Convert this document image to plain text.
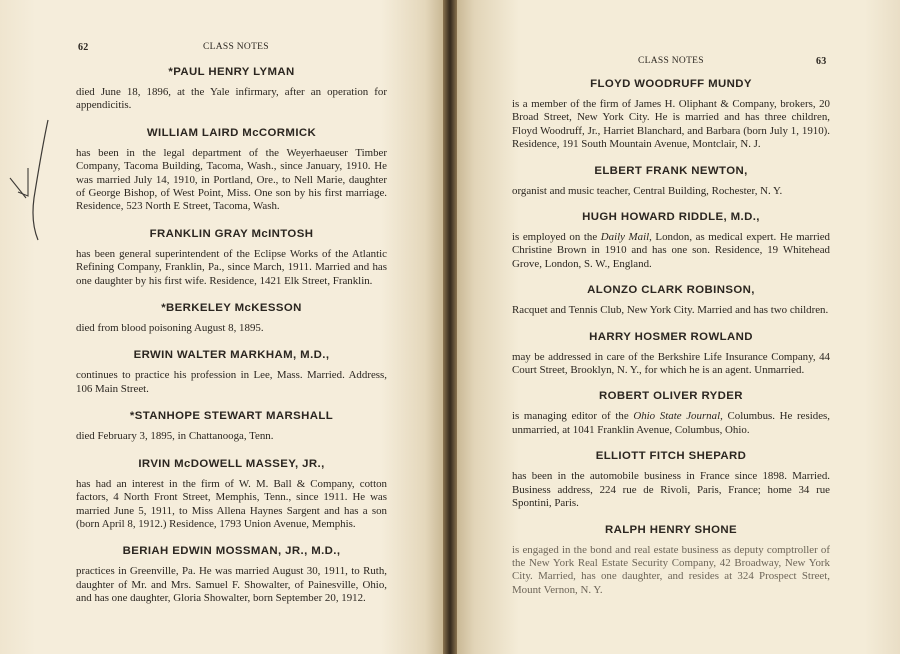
62	CLASS NOTES

*PAUL HENRY LYMAN

died June 18, 1896, at the Yale infirmary, after an operation for appendicitis.

WILLIAM LAIRD McCORMICK

has been in the legal department of the Weyerhaeuser Timber Company, Tacoma Building, Tacoma, Wash., since January, 1910. He was married July 14, 1910, in Portland, Ore., to Nell Marie, daughter of George Bishop, of West Point, Miss. One son by his first marriage. Residence, 523 North E Street, Tacoma, Wash.

FRANKLIN GRAY McINTOSH

has been general superintendent of the Eclipse Works of the Atlantic Refining Company, Franklin, Pa., since March, 1911. Married and has one daughter by his first wife. Residence, 1421 Elk Street, Franklin.

*BERKELEY McKESSON

died from blood poisoning August 8, 1895.

ERWIN WALTER MARKHAM, M.D.,

continues to practice his profession in Lee, Mass. Married. Address, 106 Main Street.

*STANHOPE STEWART MARSHALL

died February 3, 1895, in Chattanooga, Tenn.

IRVIN McDOWELL MASSEY, JR.,

has had an interest in the firm of W. M. Ball & Company, cotton factors, 4 North Front Street, Memphis, Tenn., since 1911. He was married June 5, 1911, to Miss Allena Haynes Sargent and has a son (born April 8, 1912.) Residence, 1793 Union Avenue, Memphis.

BERIAH EDWIN MOSSMAN, JR., M.D.,

practices in Greenville, Pa. He was married August 30, 1911, to Ruth, daughter of Mr. and Mrs. Samuel F. Showalter, of Painesville, Ohio, and has one daughter, Gloria Showalter, born September 20, 1912.

CLASS NOTES	63

FLOYD WOODRUFF MUNDY

is a member of the firm of James H. Oliphant & Company, brokers, 20 Broad Street, New York City. He is married and has three children, Floyd Woodruff, Jr., Harriet Blanchard, and Barbara (born July 1, 1910). Residence, 191 South Mountain Avenue, Montclair, N. J.

ELBERT FRANK NEWTON,

organist and music teacher, Central Building, Rochester, N. Y.

HUGH HOWARD RIDDLE, M.D.,

is employed on the Daily Mail, London, as medical expert. He married Christine Brown in 1910 and has one son. Residence, 19 Whitehead Grove, London, S. W., England.

ALONZO CLARK ROBINSON,

Racquet and Tennis Club, New York City. Married and has two children.

HARRY HOSMER ROWLAND

may be addressed in care of the Berkshire Life Insurance Company, 44 Court Street, Brooklyn, N. Y., for which he is an agent. Unmarried.

ROBERT OLIVER RYDER

is managing editor of the Ohio State Journal, Columbus. He resides, unmarried, at 1041 Franklin Avenue, Columbus, Ohio.

ELLIOTT FITCH SHEPARD

has been in the automobile business in France since 1898. Married. Business address, 224 rue de Rivoli, Paris, France; home 34 rue Spontini, Paris.

RALPH HENRY SHONE

is engaged in the bond and real estate business as deputy comptroller of the New York Real Estate Security Company, 42 Broadway, New York City. Married, has one daughter, and resides at 324 Prospect Street, Mount Vernon, N. Y.
